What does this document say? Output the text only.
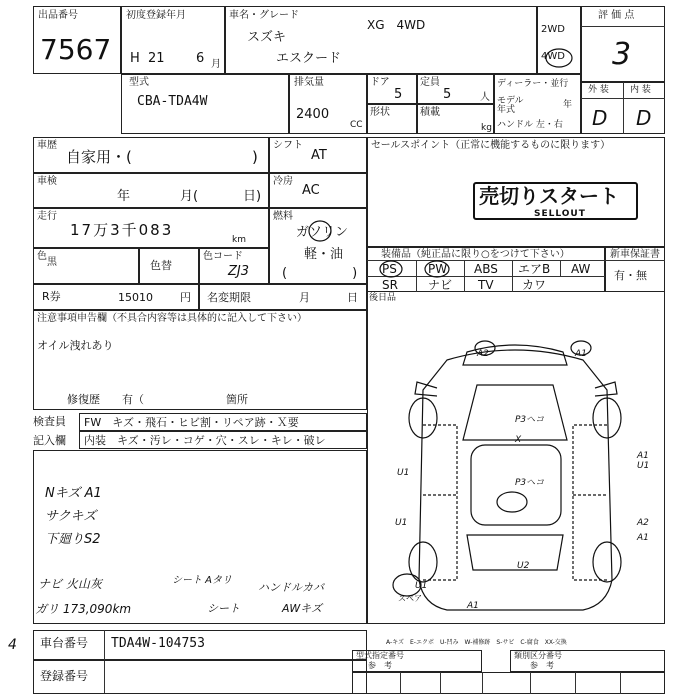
出品番号
7567
初度登録年月
H 21 6 月
車名・グレード
スズキ
エスクード
XG　4WD	2WD
4WD
評 価 点
3
型式
CBA-TDA4W
排気量
2400
CC
ドア
5
定員
5	人
形状	積載
kg
ディーラー・並行
モデル年式	年
ハンドル 左・右
外 装 内 装
D D
車歴
自家用・(	)
シフト
AT
車検
年	月(	日)
冷房
AC
走行
17万3千083
km
燃料
ガソリン
軽・油
(　　　　　)
色
黒	色替
色コード
ZJ3
R券	15010 円 名変期限	月	日
注意事項申告欄（不具合内容等は具体的に記入して下さい）
オイル洩れあり
修復歴　　有（	箇所
セールスポイント（正常に機能するものに限ります）
売切りスタート
SELLOUT
装備品（純正品に限り○をつけて下さい）
PS	PW ABS エアB AW
SR	ナビ TV カワ
新車保証書
有・無
後日品
検査員
記入欄
FW　キズ・飛石・ヒビ割・リペア跡・Ｘ要
内装　キズ・汚レ・コゲ・穴・スレ・キレ・破レ
Nキズ A1
サクキズ
下廻りS2
ナビ 火山灰	シート Aタリ
ハンドルカバ
ガリ 173,090km	シート	AWキズ
A2	A1
P3ヘコ
P3ヘコ
U1
U1
U1
U1
A1
A2
A1
U2
X
A1
スペア
4 車台番号 TDA4W-104753
登録番号
A-キズ　E-エクボ　U-凹み　W-補修跡　S-サビ　C-腐食　XX-交換
型式指定番号
参　考
類別区分番号
参　考
